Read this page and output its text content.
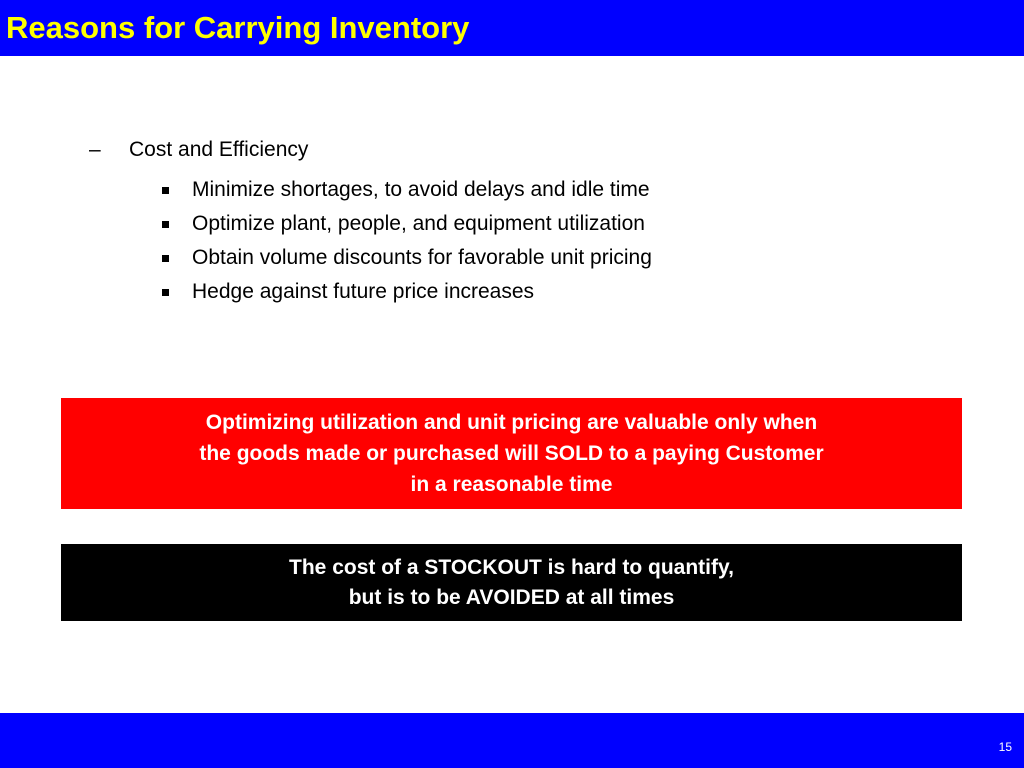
Reasons for Carrying Inventory
– Cost and Efficiency
Minimize shortages, to avoid delays and idle time
Optimize plant, people, and equipment utilization
Obtain volume discounts for favorable unit pricing
Hedge against future price increases
Optimizing utilization and unit pricing are valuable only when
the goods made or purchased will SOLD to a paying Customer
in a reasonable time
The cost of a STOCKOUT is hard to quantify,
but is to be AVOIDED at all times
15
